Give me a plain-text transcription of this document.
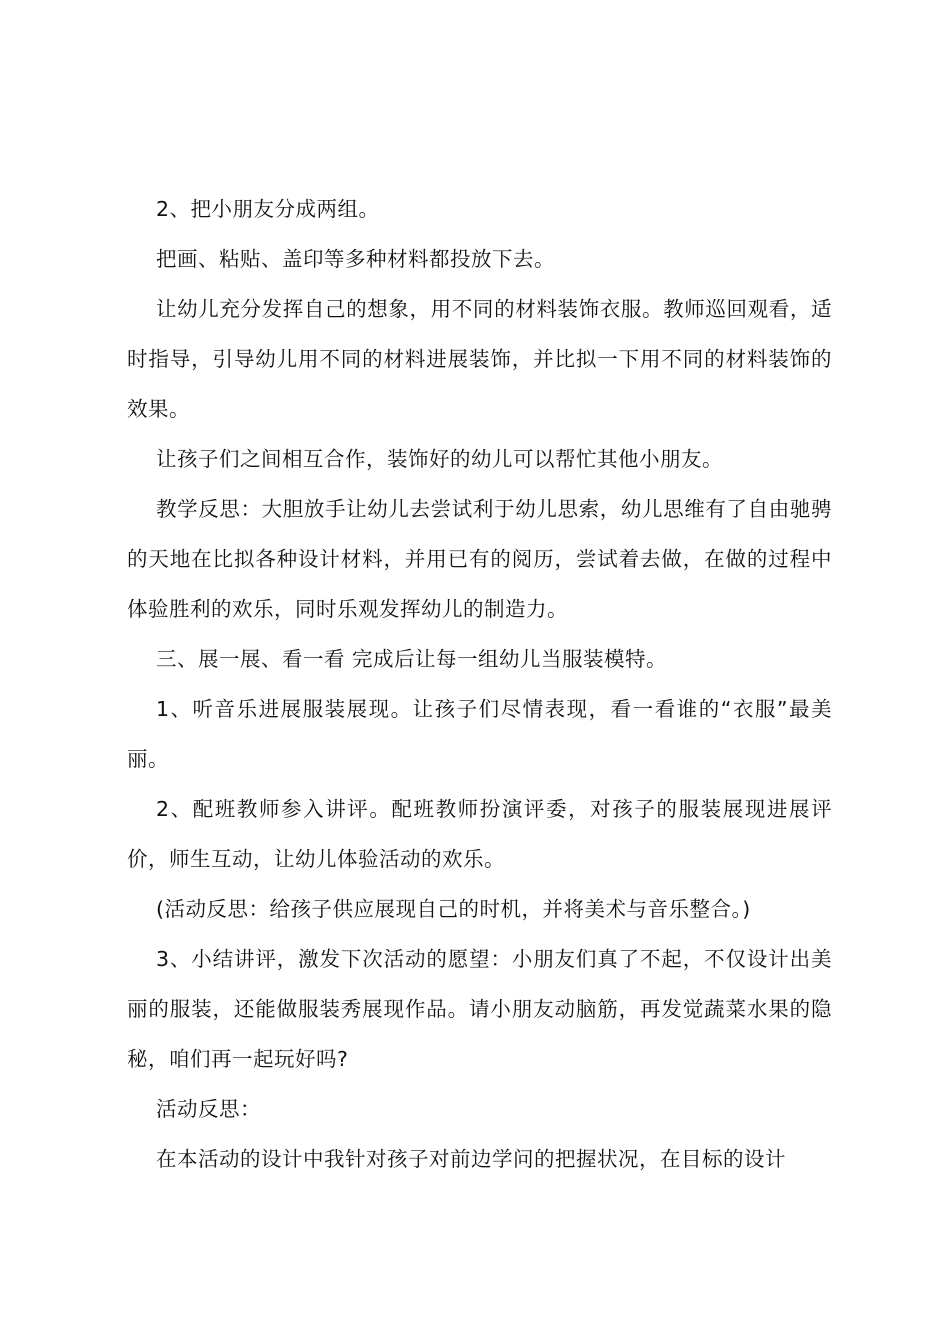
2、把小朋友分成两组。

把画、粘贴、盖印等多种材料都投放下去。

让幼儿充分发挥自己的想象，用不同的材料装饰衣服。教师巡回观看，适时指导，引导幼儿用不同的材料进展装饰，并比拟一下用不同的材料装饰的效果。

让孩子们之间相互合作，装饰好的幼儿可以帮忙其他小朋友。

教学反思：大胆放手让幼儿去尝试利于幼儿思索，幼儿思维有了自由驰骋的天地在比拟各种设计材料，并用已有的阅历，尝试着去做，在做的过程中体验胜利的欢乐，同时乐观发挥幼儿的制造力。

三、展一展、看一看 完成后让每一组幼儿当服装模特。

1、听音乐进展服装展现。让孩子们尽情表现，看一看谁的“衣服”最美丽。

2、配班教师参入讲评。配班教师扮演评委，对孩子的服装展现进展评价，师生互动，让幼儿体验活动的欢乐。

(活动反思：给孩子供应展现自己的时机，并将美术与音乐整合。)

3、小结讲评，激发下次活动的愿望：小朋友们真了不起，不仅设计出美丽的服装，还能做服装秀展现作品。请小朋友动脑筋，再发觉蔬菜水果的隐秘，咱们再一起玩好吗?

活动反思：

在本活动的设计中我针对孩子对前边学问的把握状况，在目标的设计
